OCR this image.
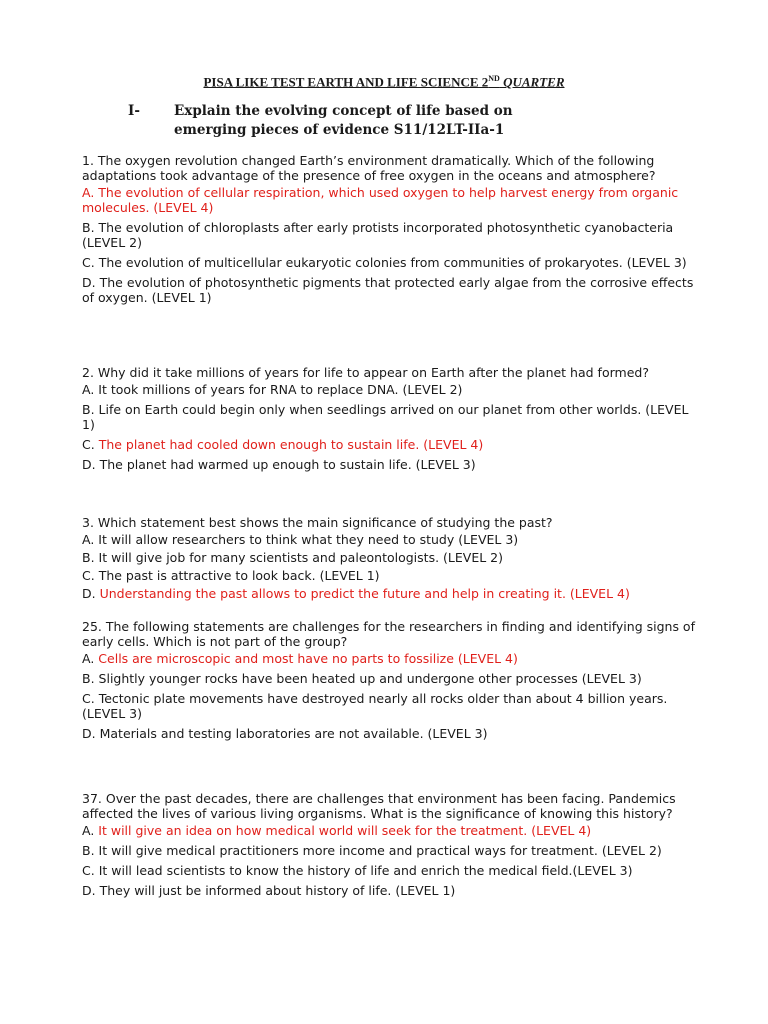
PISA LIKE TEST EARTH AND LIFE SCIENCE 2ND QUARTER
I-	Explain the evolving concept of life based on
emerging pieces of evidence S11/12LT-IIa-1
1. The oxygen revolution changed Earth’s environment dramatically. Which of the following adaptations took advantage of the presence of free oxygen in the oceans and atmosphere?
A. The evolution of cellular respiration, which used oxygen to help harvest energy from organic molecules. (LEVEL 4)
B. The evolution of chloroplasts after early protists incorporated photosynthetic cyanobacteria (LEVEL 2)
C. The evolution of multicellular eukaryotic colonies from communities of prokaryotes. (LEVEL 3)
D. The evolution of photosynthetic pigments that protected early algae from the corrosive effects of oxygen. (LEVEL 1)
2. Why did it take millions of years for life to appear on Earth after the planet had formed?
A. It took millions of years for RNA to replace DNA. (LEVEL 2)
B. Life on Earth could begin only when seedlings arrived on our planet from other worlds. (LEVEL 1)
C. The planet had cooled down enough to sustain life. (LEVEL 4)
D. The planet had warmed up enough to sustain life. (LEVEL 3)
3. Which statement best shows the main significance of studying the past?
A. It will allow researchers to think what they need to study (LEVEL 3)
B. It will give job for many scientists and paleontologists. (LEVEL 2)
C. The past is attractive to look back. (LEVEL 1)
D. Understanding the past allows to predict the future and help in creating it. (LEVEL 4)
25. The following statements are challenges for the researchers in finding and identifying signs of early cells. Which is not part of the group?
A. Cells are microscopic and most have no parts to fossilize (LEVEL 4)
B. Slightly younger rocks have been heated up and undergone other processes (LEVEL 3)
C. Tectonic plate movements have destroyed nearly all rocks older than about 4 billion years. (LEVEL 3)
D. Materials and testing laboratories are not available. (LEVEL 3)
37. Over the past decades, there are challenges that environment has been facing. Pandemics affected the lives of various living organisms. What is the significance of knowing this history?
A. It will give an idea on how medical world will seek for the treatment. (LEVEL 4)
B. It will give medical practitioners more income and practical ways for treatment. (LEVEL 2)
C. It will lead scientists to know the history of life and enrich the medical field.(LEVEL 3)
D. They will just be informed about history of life. (LEVEL 1)
